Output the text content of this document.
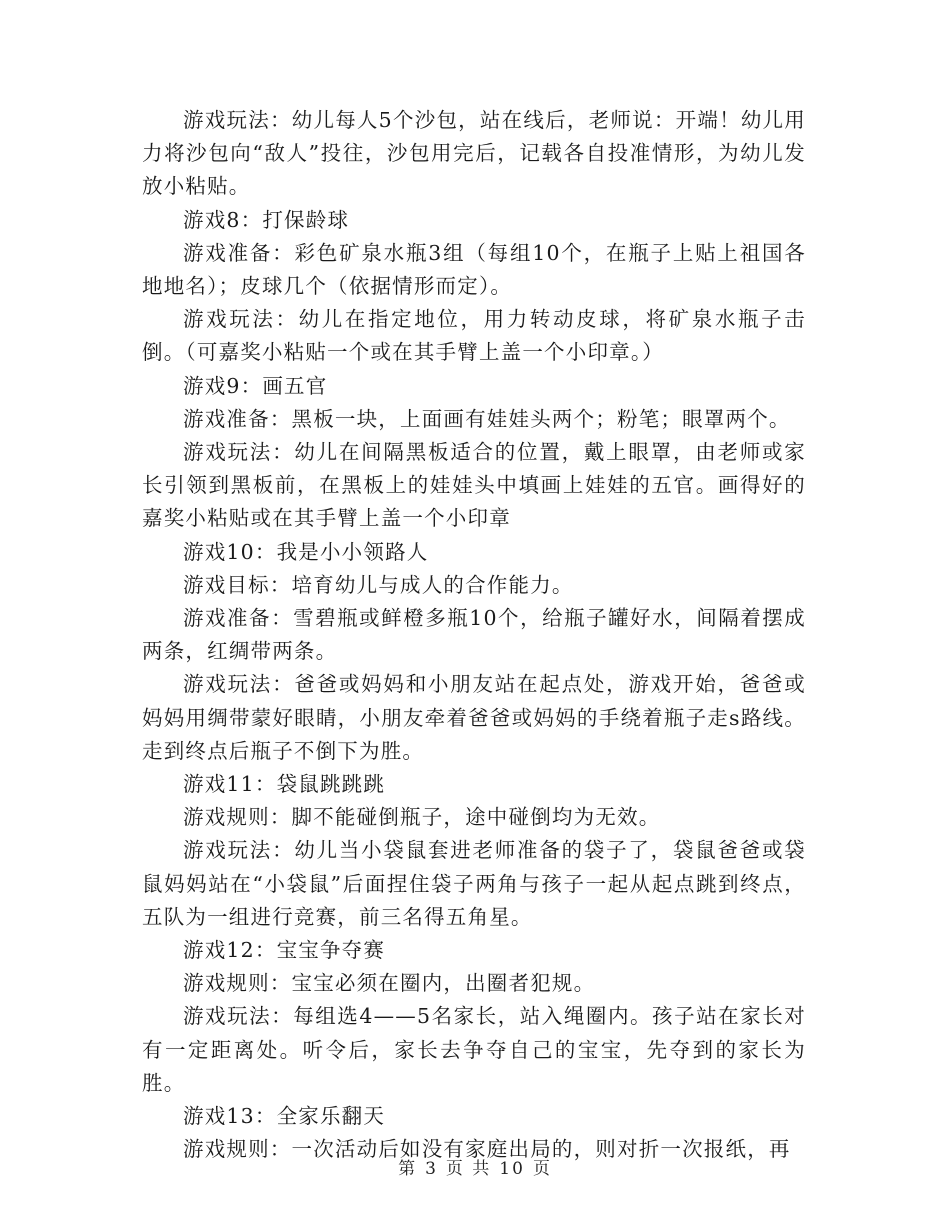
游戏玩法：幼儿每人5个沙包，站在线后，老师说：开端！幼儿用力将沙包向“敌人”投往，沙包用完后，记载各自投准情形，为幼儿发放小粘贴。

游戏8：打保龄球

游戏准备：彩色矿泉水瓶3组（每组10个，在瓶子上贴上祖国各地地名）；皮球几个（依据情形而定）。

游戏玩法：幼儿在指定地位，用力转动皮球，将矿泉水瓶子击倒。（可嘉奖小粘贴一个或在其手臂上盖一个小印章。）

游戏9：画五官

游戏准备：黑板一块，上面画有娃娃头两个；粉笔；眼罩两个。

游戏玩法：幼儿在间隔黑板适合的位置，戴上眼罩，由老师或家长引领到黑板前，在黑板上的娃娃头中填画上娃娃的五官。画得好的嘉奖小粘贴或在其手臂上盖一个小印章

游戏10：我是小小领路人

游戏目标：培育幼儿与成人的合作能力。

游戏准备：雪碧瓶或鲜橙多瓶10个，给瓶子罐好水，间隔着摆成两条，红绸带两条。

游戏玩法：爸爸或妈妈和小朋友站在起点处，游戏开始，爸爸或妈妈用绸带蒙好眼睛，小朋友牵着爸爸或妈妈的手绕着瓶子走s路线。走到终点后瓶子不倒下为胜。

游戏11：袋鼠跳跳跳

游戏规则：脚不能碰倒瓶子，途中碰倒均为无效。

游戏玩法：幼儿当小袋鼠套进老师准备的袋子了，袋鼠爸爸或袋鼠妈妈站在“小袋鼠”后面捏住袋子两角与孩子一起从起点跳到终点，五队为一组进行竞赛，前三名得五角星。

游戏12：宝宝争夺赛

游戏规则：宝宝必须在圈内，出圈者犯规。

游戏玩法：每组选4——5名家长，站入绳圈内。孩子站在家长对有一定距离处。听令后，家长去争夺自己的宝宝，先夺到的家长为胜。

游戏13：全家乐翻天

游戏规则：一次活动后如没有家庭出局的，则对折一次报纸，再

第 3 页 共 10 页
